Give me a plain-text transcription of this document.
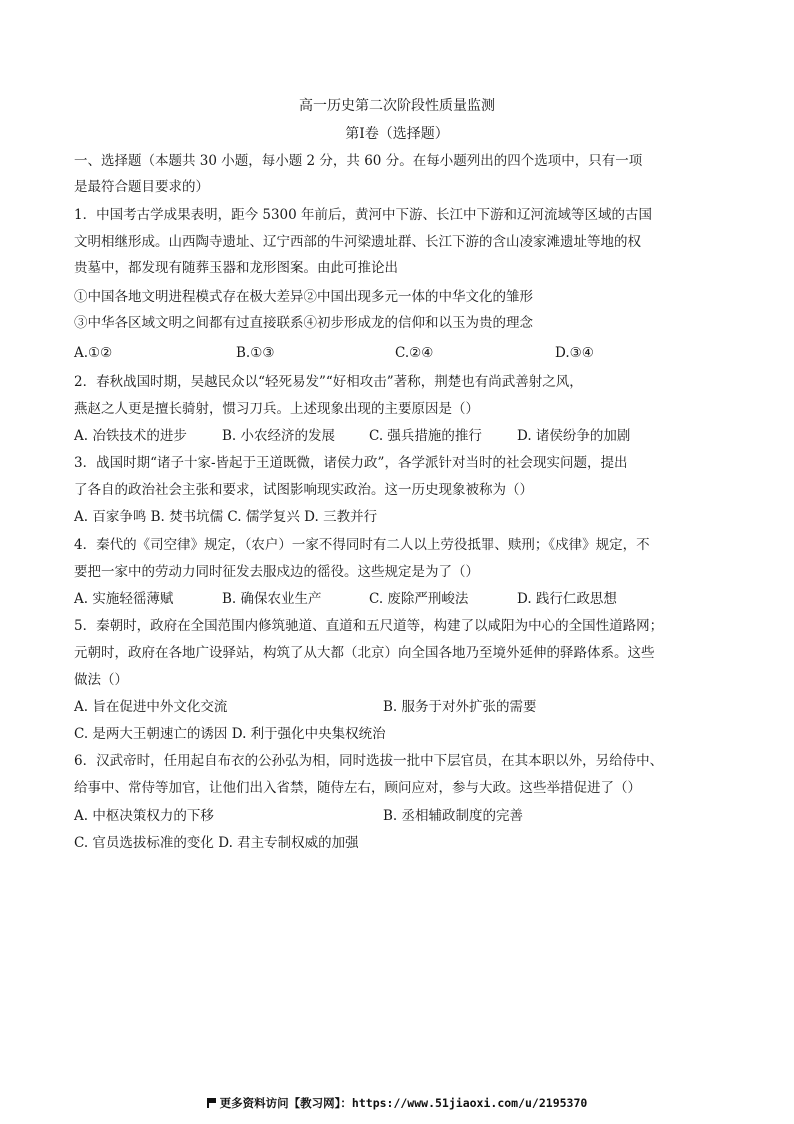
高一历史第二次阶段性质量监测
第Ⅰ卷（选择题）
一、选择题（本题共 30 小题，每小题 2 分，共 60 分。在每小题列出的四个选项中，只有一项
是最符合题目要求的）
1．中国考古学成果表明，距今 5300 年前后，黄河中下游、长江中下游和辽河流域等区域的古国
文明相继形成。山西陶寺遗址、辽宁西部的牛河梁遗址群、长江下游的含山凌家滩遗址等地的权
贵墓中，都发现有随葬玉器和龙形图案。由此可推论出
①中国各地文明进程模式存在极大差异②中国出现多元一体的中华文化的雏形
③中华各区域文明之间都有过直接联系④初步形成龙的信仰和以玉为贵的理念
A.①②	B.①③	C.②④	D.③④
2．春秋战国时期，吴越民众以“轻死易发”“好相攻击”著称，荆楚也有尚武善射之风，
燕赵之人更是擅长骑射，惯习刀兵。上述现象出现的主要原因是（）
A. 冶铁技术的进步	B. 小农经济的发展	C. 强兵措施的推行	D. 诸侯纷争的加剧
3．战国时期“诸子十家-皆起于王道既微，诸侯力政”，各学派针对当时的社会现实问题，提出
了各自的政治社会主张和要求，试图影响现实政治。这一历史现象被称为（）
A. 百家争鸣 B. 焚书坑儒 C. 儒学复兴 D. 三教并行
4．秦代的《司空律》规定，（农户）一家不得同时有二人以上劳役抵罪、赎刑；《戍律》规定，不
要把一家中的劳动力同时征发去服戍边的徭役。这些规定是为了（）
A. 实施轻徭薄赋	B. 确保农业生产	C. 废除严刑峻法	D. 践行仁政思想
5．秦朝时，政府在全国范围内修筑驰道、直道和五尺道等，构建了以咸阳为中心的全国性道路网；
元朝时，政府在各地广设驿站，构筑了从大都（北京）向全国各地乃至境外延伸的驿路体系。这些
做法（）
A. 旨在促进中外文化交流	B. 服务于对外扩张的需要
C. 是两大王朝速亡的诱因 D. 利于强化中央集权统治
6．汉武帝时，任用起自布衣的公孙弘为相，同时选拔一批中下层官员，在其本职以外，另给侍中、
给事中、常侍等加官，让他们出入省禁，随侍左右，顾问应对，参与大政。这些举措促进了（）
A. 中枢决策权力的下移	B. 丞相辅政制度的完善
C. 官员选拔标准的变化 D. 君主专制权威的加强
更多资料访问【教习网】：https://www.51jiaoxi.com/u/2195370
